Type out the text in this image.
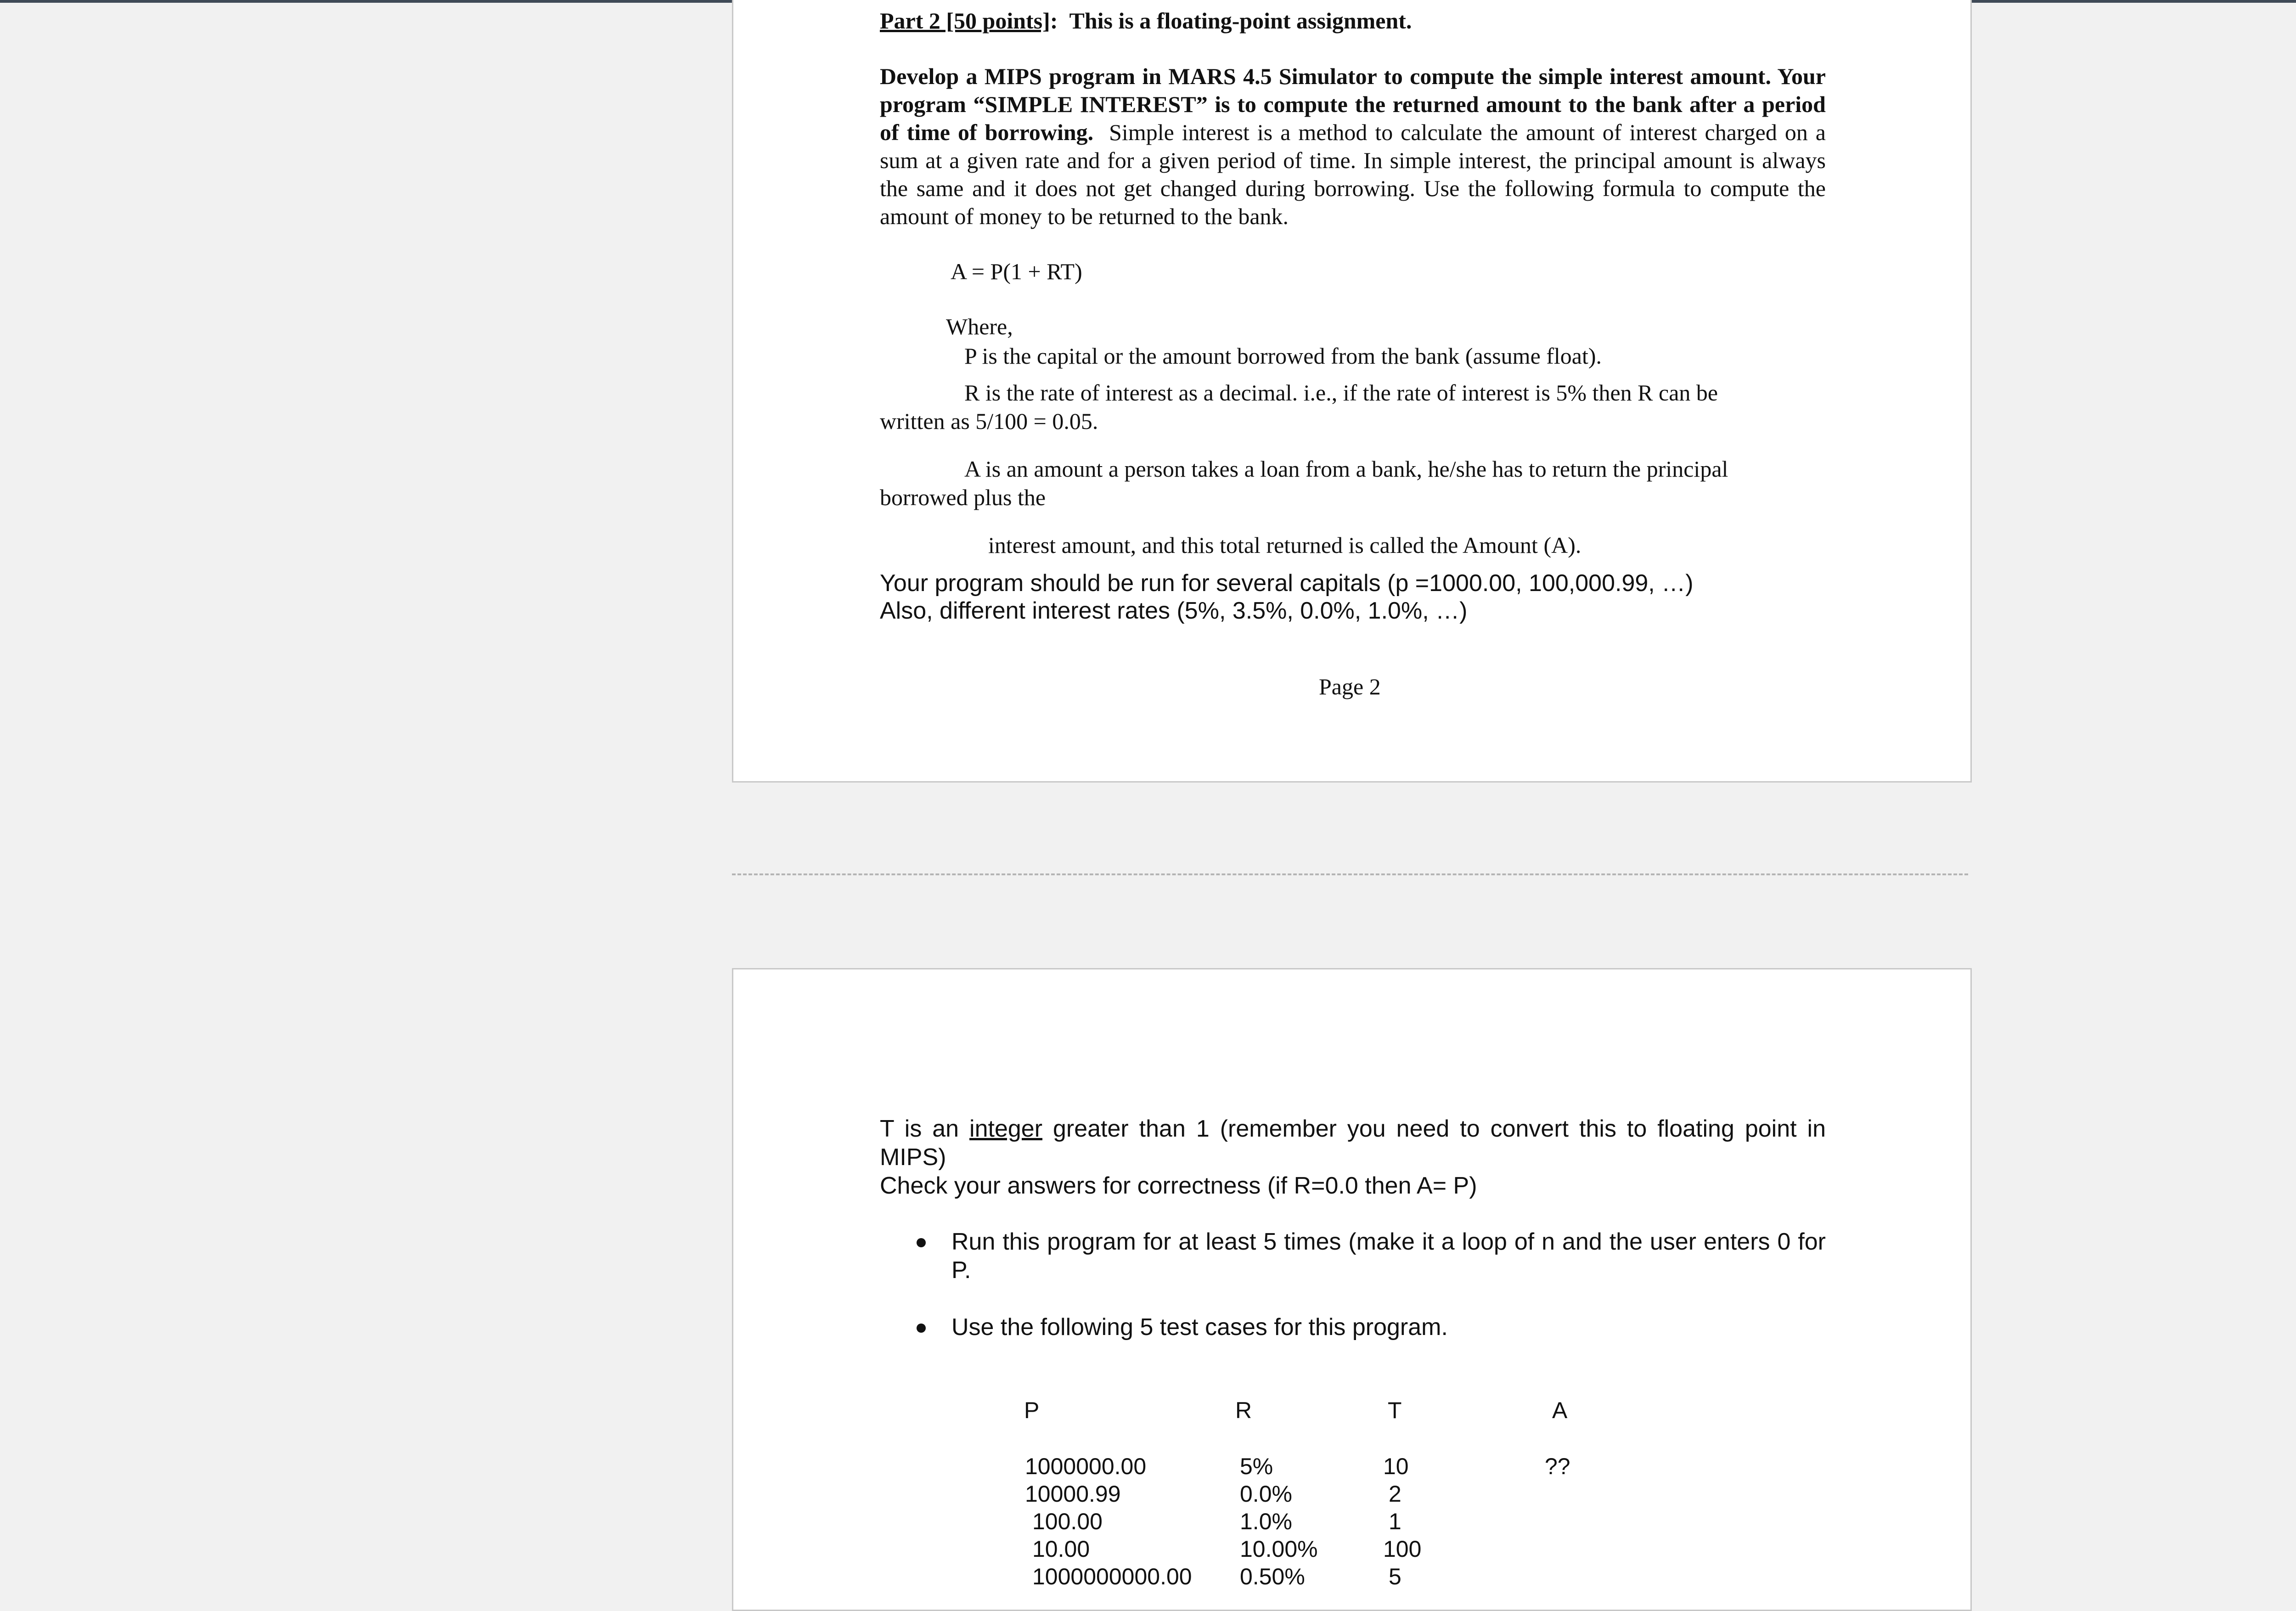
Part 2 [50 points]: This is a floating-point assignment.
Develop a MIPS program in MARS 4.5 Simulator to compute the simple interest amount. Your program “SIMPLE INTEREST” is to compute the returned amount to the bank after a period of time of borrowing. Simple interest is a method to calculate the amount of interest charged on a sum at a given rate and for a given period of time. In simple interest, the principal amount is always the same and it does not get changed during borrowing. Use the following formula to compute the amount of money to be returned to the bank.
A = P(1 + RT)
Where,
P is the capital or the amount borrowed from the bank (assume float).
R is the rate of interest as a decimal. i.e., if the rate of interest is 5% then R can be
written as 5/100 = 0.05.
A is an amount a person takes a loan from a bank, he/she has to return the principal
borrowed plus the
interest amount, and this total returned is called the Amount (A).
Your program should be run for several capitals (p =1000.00, 100,000.99, …)
Also, different interest rates (5%, 3.5%, 0.0%, 1.0%, …)
Page 2
T is an integer greater than 1 (remember you need to convert this to floating point in
MIPS)
Check your answers for correctness (if R=0.0 then A= P)
Run this program for at least 5 times (make it a loop of n and the user enters 0 for
P.
Use the following 5 test cases for this program.
P	R	T	A
1000000.00	5%	10	??
10000.99	0.0%	2
100.00	1.0%	1
10.00	10.00%	100
1000000000.00 0.50%	5
